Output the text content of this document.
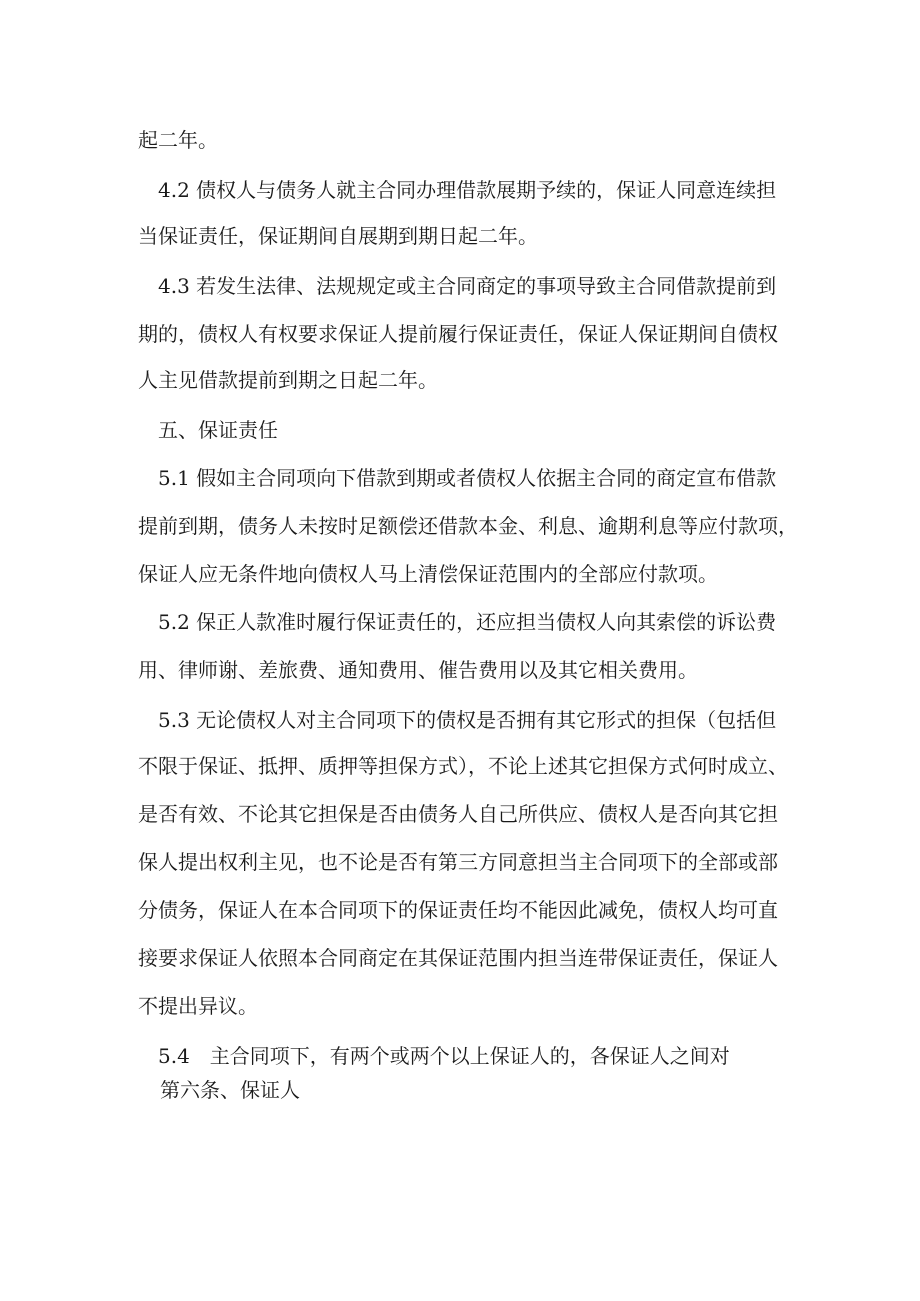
起二年。
4.2 债权人与债务人就主合同办理借款展期予续的，保证人同意连续担
当保证责任，保证期间自展期到期日起二年。
4.3 若发生法律、法规规定或主合同商定的事项导致主合同借款提前到
期的，债权人有权要求保证人提前履行保证责任，保证人保证期间自债权
人主见借款提前到期之日起二年。
五、保证责任
5.1 假如主合同项向下借款到期或者债权人依据主合同的商定宣布借款
提前到期，债务人未按时足额偿还借款本金、利息、逾期利息等应付款项，
保证人应无条件地向债权人马上清偿保证范围内的全部应付款项。
5.2 保正人款准时履行保证责任的，还应担当债权人向其索偿的诉讼费
用、律师谢、差旅费、通知费用、催告费用以及其它相关费用。
5.3 无论债权人对主合同项下的债权是否拥有其它形式的担保（包括但
不限于保证、抵押、质押等担保方式），不论上述其它担保方式何时成立、
是否有效、不论其它担保是否由债务人自己所供应、债权人是否向其它担
保人提出权利主见，也不论是否有第三方同意担当主合同项下的全部或部
分债务，保证人在本合同项下的保证责任均不能因此减免，债权人均可直
接要求保证人依照本合同商定在其保证范围内担当连带保证责任，保证人
不提出异议。
5.4　主合同项下，有两个或两个以上保证人的，各保证人之间对
第六条、保证人
